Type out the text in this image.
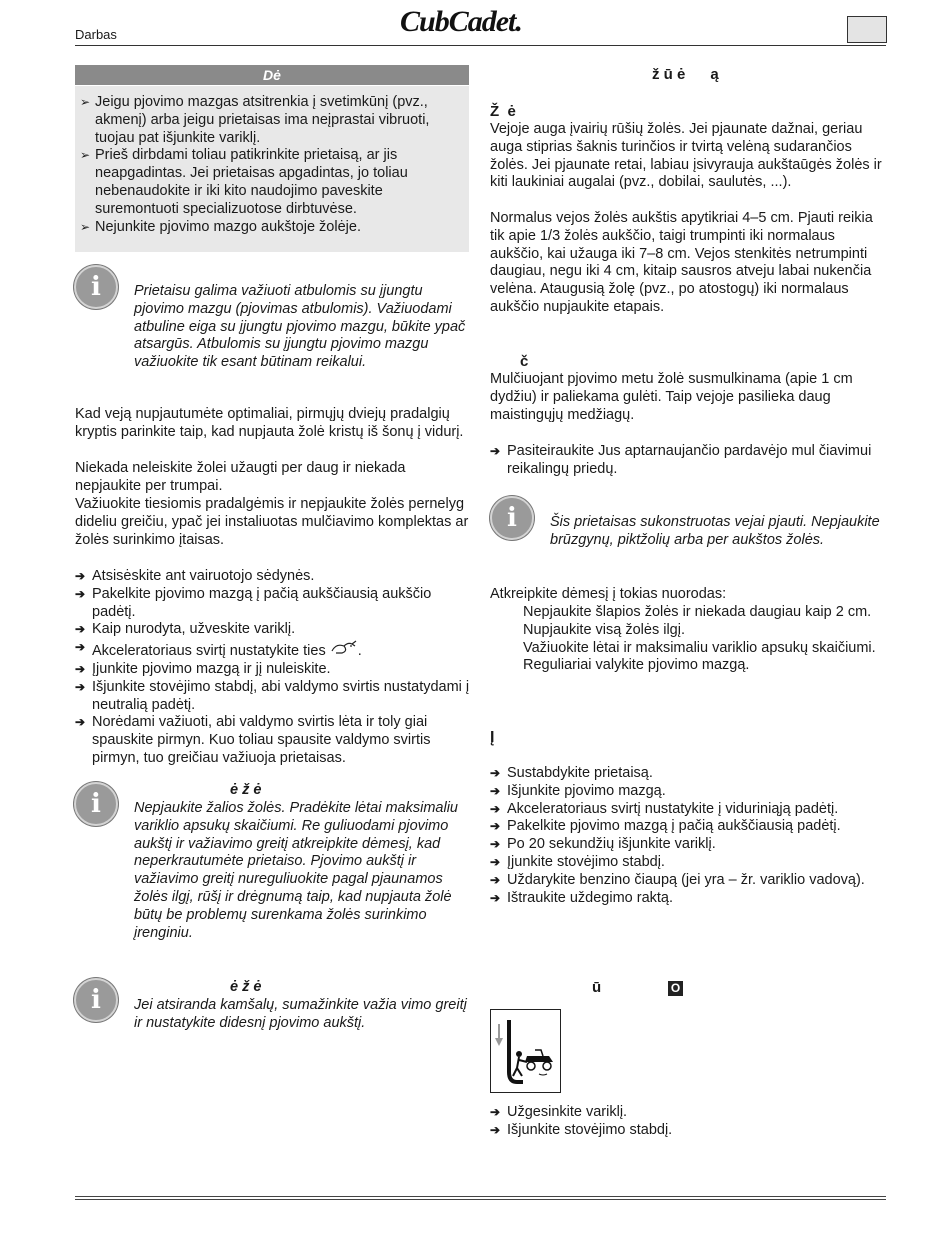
Darbas	CubCadet.
Dė
➢ Jeigu pjovimo mazgas atsitrenkia į svetimkūnį (pvz., akmenį) arba jeigu prietaisas ima neįprastai vibruoti, tuojau pat išjunkite variklį.
➢ Prieš dirbdami toliau patikrinkite prietaisą, ar jis neapgadintas. Jei prietaisas apgadintas, jo toliau nebenaudokite ir iki kito naudojimo paveskite suremontuoti specializuotose dirbtuvėse.
➢ Nejunkite pjovimo mazgo aukštoje žolėje.
i	Prietaisu galima važiuoti atbulomis su įjungtu pjovimo mazgu (pjovimas atbulomis). Važiuodami atbuline eiga su įjungtu pjovimo mazgu, būkite ypač atsargūs. Atbulomis su įjungtu pjovimo mazgu važiuokite tik esant būtinam reikalui.
Kad veją nupjautumėte optimaliai, pirmųjų dviejų pradalgių kryptis parinkite taip, kad nupjauta žolė kristų iš šonų į vidurį.
Niekada neleiskite žolei užaugti per daug ir niekada nepjaukite per trumpai.
Važiuokite tiesiomis pradalgėmis ir nepjaukite žolės pernelyg dideliu greičiu, ypač jei instaliuotas mulčiavimo komplektas ar žolės surinkimo įtaisas.
➔ Atsisėskite ant vairuotojo sėdynės.
➔ Pakelkite pjovimo mazgą į pačią aukščiausią aukščio padėtį.
➔ Kaip nurodyta, užveskite variklį.
➔ Akceleratoriaus svirtį nustatykite ties .
➔ Įjunkite pjovimo mazgą ir jį nuleiskite.
➔ Išjunkite stovėjimo stabdį, abi valdymo svirtis nustatydami į neutralią padėtį.
➔ Norėdami važiuoti, abi valdymo svirtis lėta ir toly giai spauskite pirmyn. Kuo toliau spausite valdymo svirtis pirmyn, tuo greičiau važiuoja prietaisas.
i	ė ž ė
Nepjaukite žalios žolės. Pradėkite lėtai maksimaliu variklio apsukų skaičiumi. Re guliuodami pjovimo aukštį ir važiavimo greitį atkreipkite dėmesį, kad neperkrautumėte prietaiso. Pjovimo aukštį ir važiavimo greitį nureguliuokite pagal pjaunamos žolės ilgį, rūšį ir drėgnumą taip, kad nupjauta žolė būtų be problemų surenkama žolės surinkimo įrenginiu.
i	ė ž ė
Jei atsiranda kamšalų, sumažinkite važia vimo greitį ir nustatykite didesnį pjovimo aukštį.
ž ū ė      ą
Ž  ė
Vejoje auga įvairių rūšių žolės. Jei pjaunate dažnai, geriau auga stiprias šaknis turinčios ir tvirtą velėną sudarančios žolės. Jei pjaunate retai, labiau įsivyrauja aukštaūgės žolės ir kiti laukiniai augalai (pvz., dobilai, saulutės, ...).
Normalus vejos žolės aukštis apytikriai 4–5 cm. Pjauti reikia tik apie 1/3 žolės aukščio, taigi trumpinti iki normalaus aukščio, kai užauga iki 7–8 cm. Vejos stenkitės netrumpinti daugiau, negu iki 4 cm, kitaip sausros atveju labai nukenčia velėna. Ataugusią žolę (pvz., po atostogų) iki normalaus aukščio nupjaukite etapais.
č
Mulčiuojant pjovimo metu žolė susmulkinama (apie 1 cm dydžiu) ir paliekama gulėti. Taip vejoje pasilieka daug maistingųjų medžiagų.
➔ Pasiteiraukite Jus aptarnaujančio pardavėjo mul čiavimui reikalingų priedų.
i	Šis prietaisas sukonstruotas vejai pjauti. Nepjaukite brūzgynų, piktžolių arba per aukštos žolės.
Atkreipkite dėmesį į tokias nuorodas:
Nepjaukite šlapios žolės ir niekada daugiau kaip 2 cm.
Nupjaukite visą žolės ilgį.
Važiuokite lėtai ir maksimaliu variklio apsukų skaičiumi.
Reguliariai valykite pjovimo mazgą.
Į
➔ Sustabdykite prietaisą.
➔ Išjunkite pjovimo mazgą.
➔ Akceleratoriaus svirtį nustatykite į viduriniąją padėtį.
➔ Pakelkite pjovimo mazgą į pačią aukščiausią padėtį.
➔ Po 20 sekundžių išjunkite variklį.
➔ Įjunkite stovėjimo stabdį.
➔ Uždarykite benzino čiaupą (jei yra – žr. variklio vadovą).
➔ Ištraukite uždegimo raktą.
ū	O
➔ Užgesinkite variklį.
➔ Išjunkite stovėjimo stabdį.
